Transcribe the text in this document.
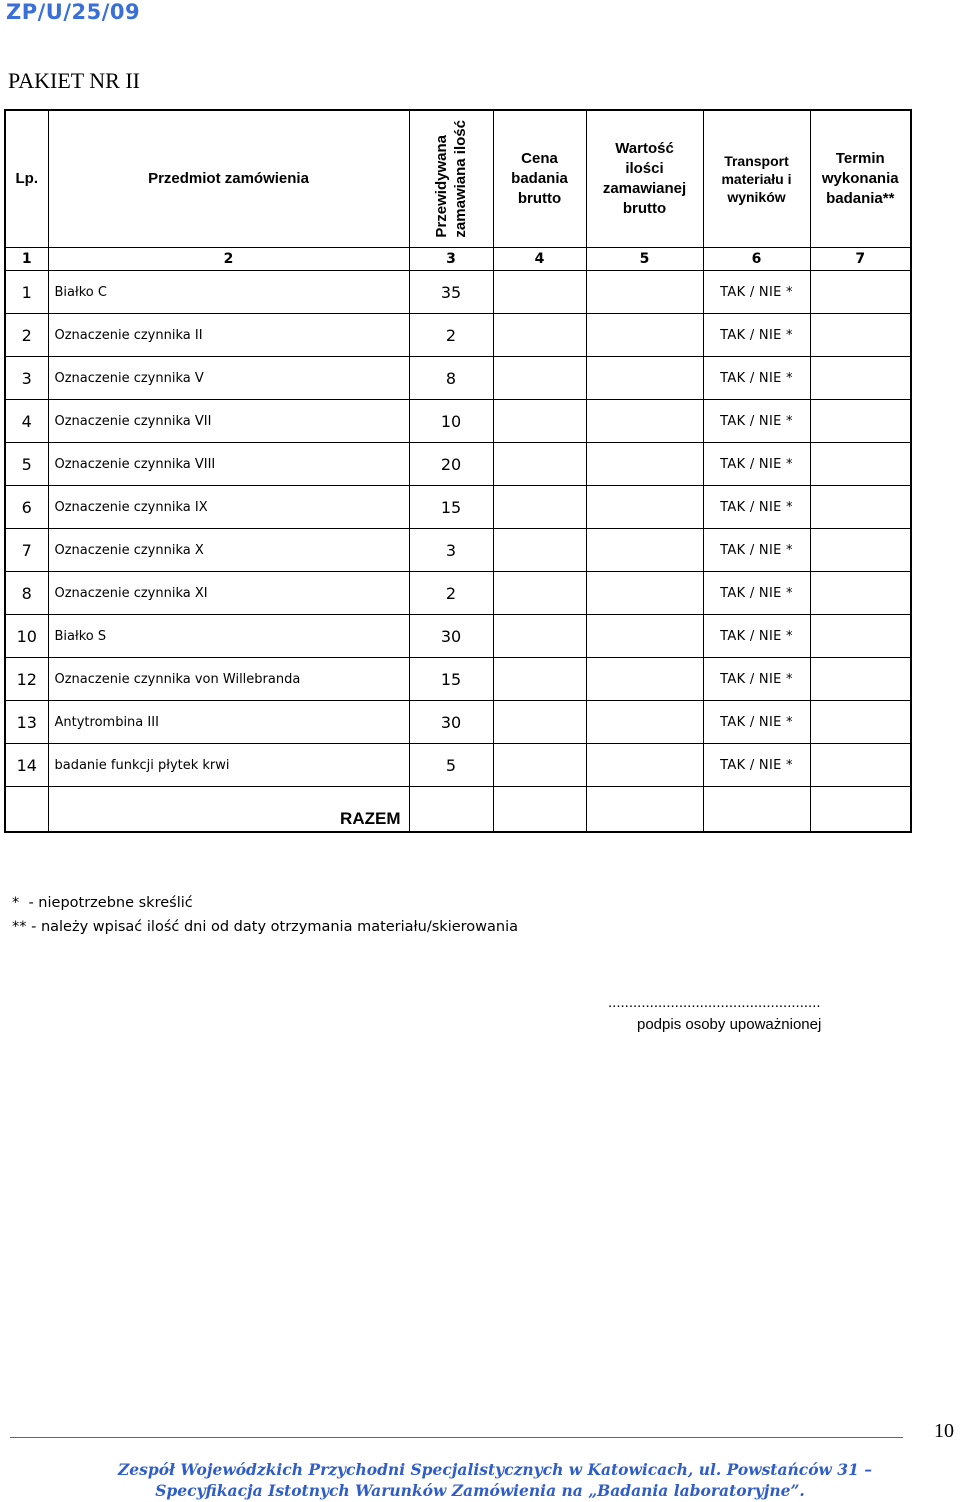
ZP/U/25/09
PAKIET NR II
Lp.	Przedmiot zamówienia	Przewidywana zamawiana ilość	Cena
badania
brutto	Wartość
ilości
zamawianej
brutto	Transport
materiału i
wyników	Termin
wykonania
badania**
1	2	3	4	5	6	7
1	Białko C	35			TAK / NIE *	
2	Oznaczenie czynnika II	2			TAK / NIE *	
3	Oznaczenie czynnika V	8			TAK / NIE *	
4	Oznaczenie czynnika VII	10			TAK / NIE *	
5	Oznaczenie czynnika VIII	20			TAK / NIE *	
6	Oznaczenie czynnika IX	15			TAK / NIE *	
7	Oznaczenie czynnika X	3			TAK / NIE *	
8	Oznaczenie czynnika XI	2			TAK / NIE *	
10	Białko S	30			TAK / NIE *	
12	Oznaczenie czynnika von Willebranda	15			TAK / NIE *	
13	Antytrombina III	30			TAK / NIE *	
14	badanie funkcji płytek krwi	5			TAK / NIE *	
	RAZEM					
*  - niepotrzebne skreślić
** - należy wpisać ilość dni od daty otrzymania materiału/skierowania
...................................................
podpis osoby upoważnionej
10
Zespół Wojewódzkich Przychodni Specjalistycznych w Katowicach, ul. Powstańców 31 –
Specyfikacja Istotnych Warunków Zamówienia na „Badania laboratoryjne”.
